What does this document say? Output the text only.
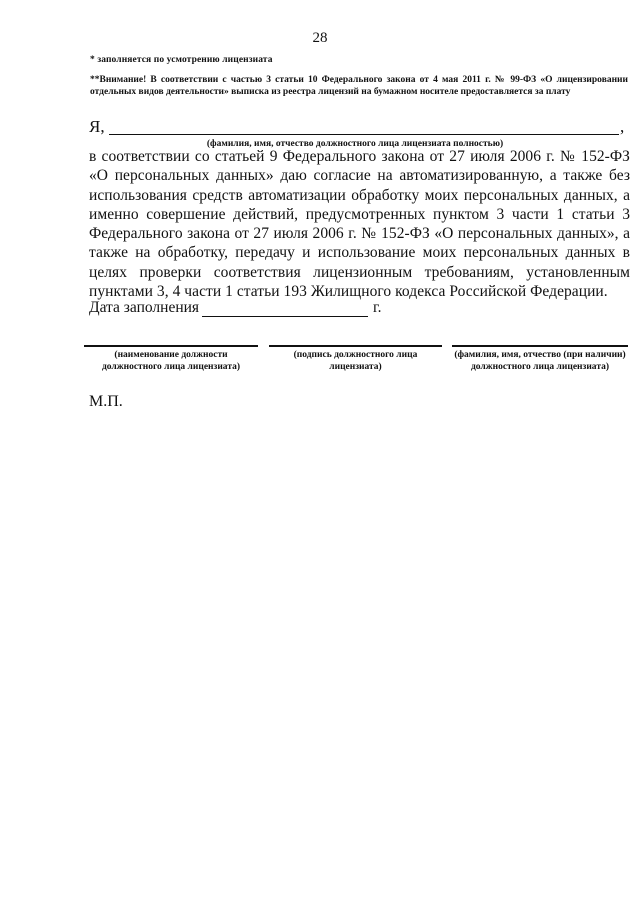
28
* заполняется по усмотрению лицензиата
**Внимание! В соответствии с частью 3 статьи 10 Федерального закона от 4 мая 2011 г. № 99-ФЗ «О лицензировании отдельных видов деятельности» выписка из реестра лицензий на бумажном носителе предоставляется за плату
Я,	,
(фамилия, имя, отчество должностного лица лицензиата полностью)
в соответствии со статьей 9 Федерального закона от 27 июля 2006 г. № 152-ФЗ «О персональных данных» даю согласие на автоматизированную, а также без использования средств автоматизации обработку моих персональных данных, а именно совершение действий, предусмотренных пунктом 3 части 1 статьи 3 Федерального закона от 27 июля 2006 г. № 152-ФЗ «О персональных данных», а также на обработку, передачу и использование моих персональных данных в целях проверки соответствия лицензионным требованиям, установленным пунктами 3, 4 части 1 статьи 193 Жилищного кодекса Российской Федерации.
Дата заполнения	г.
(наименование должности должностного лица лицензиата)
(подпись должностного лица лицензиата)
(фамилия, имя, отчество (при наличии) должностного лица лицензиата)
М.П.
